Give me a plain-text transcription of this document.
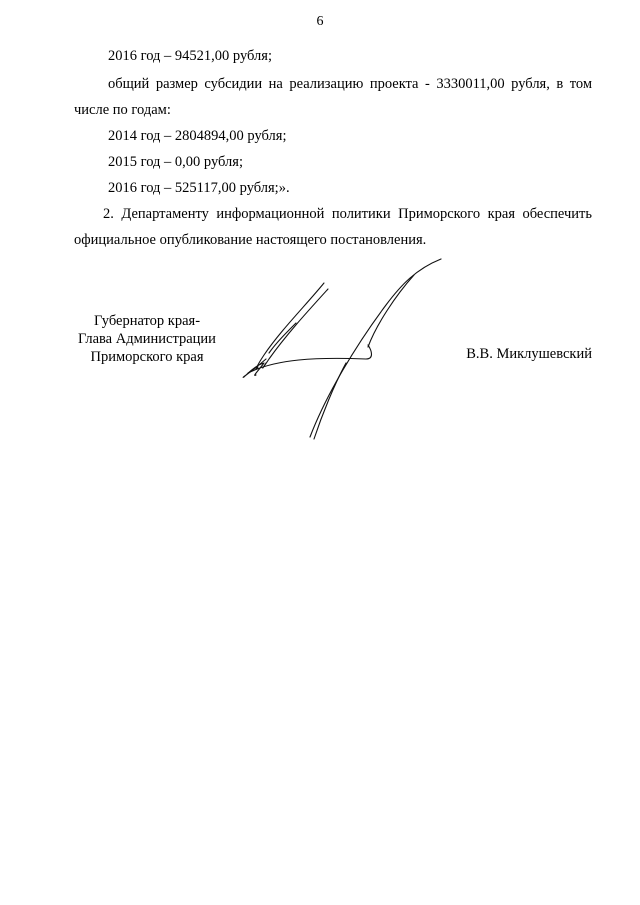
6
2016 год – 94521,00 рубля;
общий размер субсидии на реализацию проекта - 3330011,00 рубля, в том
числе по годам:
2014 год – 2804894,00 рубля;
2015 год – 0,00 рубля;
2016 год – 525117,00 рубля;».
2. Департаменту информационной политики Приморского края обеспечить
официальное опубликование настоящего постановления.
Губернатор края-
Глава Администрации
Приморского края	В.В. Миклушевский
